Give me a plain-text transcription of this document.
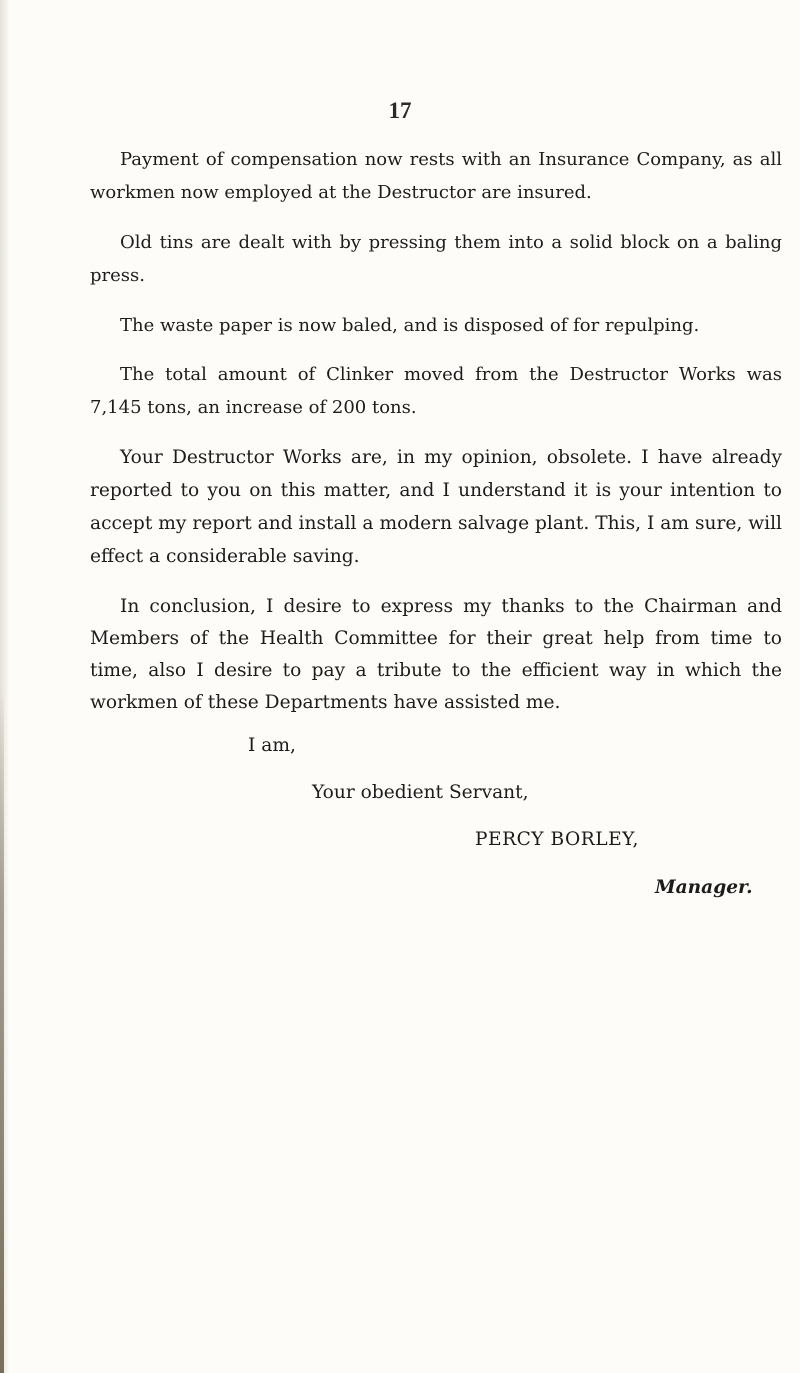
17

Payment of compensation now rests with an Insurance Company, as all workmen now employed at the Destructor are insured.

Old tins are dealt with by pressing them into a solid block on a baling press.

The waste paper is now baled, and is disposed of for repulping.

The total amount of Clinker moved from the Destructor Works was 7,145 tons, an increase of 200 tons.

Your Destructor Works are, in my opinion, obsolete. I have already reported to you on this matter, and I understand it is your intention to accept my report and install a modern salvage plant. This, I am sure, will effect a considerable saving.

In conclusion, I desire to express my thanks to the Chairman and Members of the Health Committee for their great help from time to time, also I desire to pay a tribute to the efficient way in which the workmen of these Departments have assisted me.

I am,

Your obedient Servant,

PERCY BORLEY,

Manager.
